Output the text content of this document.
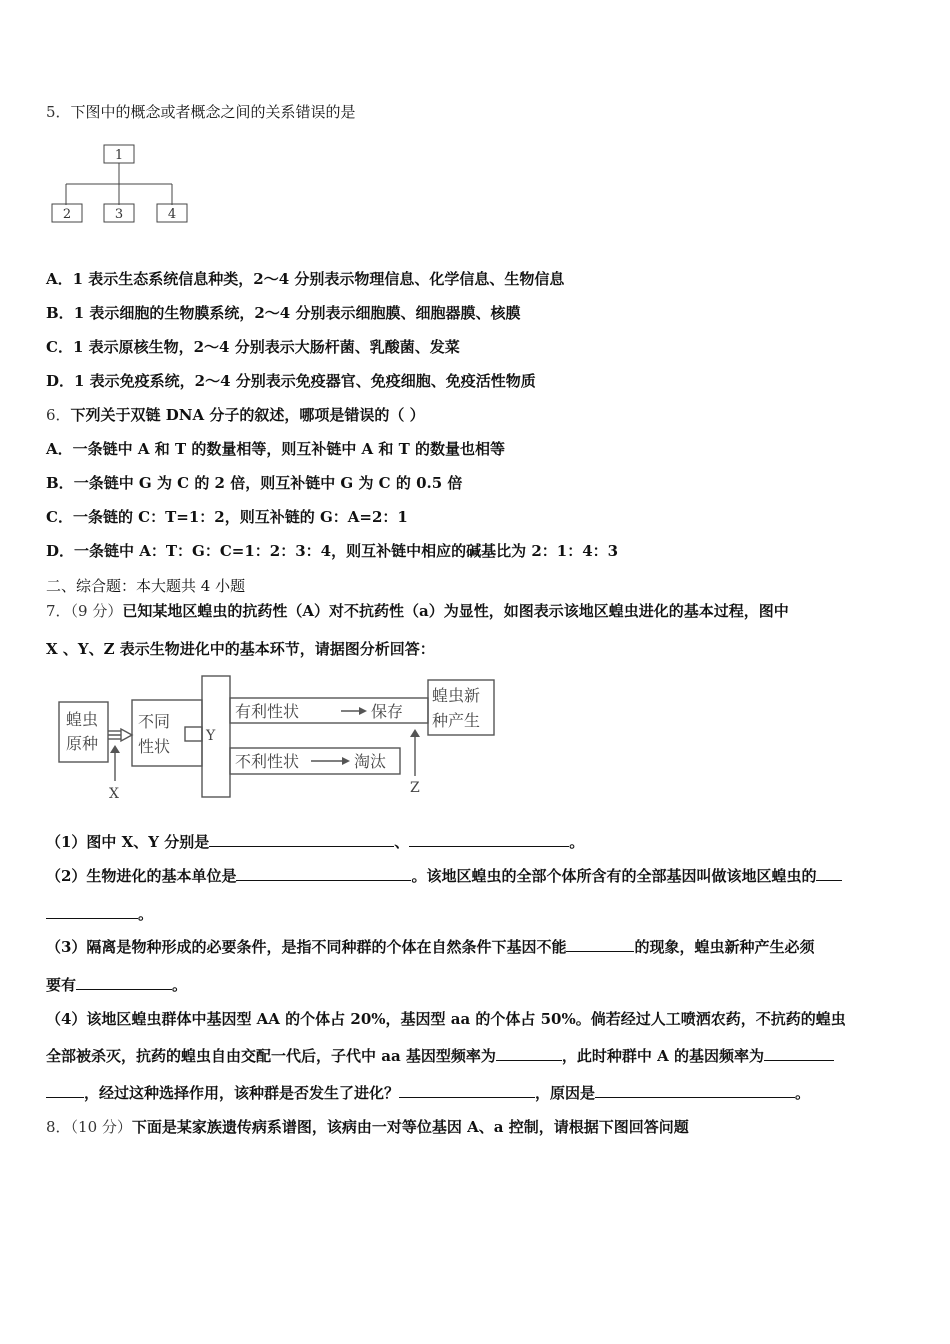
5．下图中的概念或者概念之间的关系错误的是
1
2	3	4
A．1 表示生态系统信息种类，2～4 分别表示物理信息、化学信息、生物信息
B．1 表示细胞的生物膜系统，2～4 分别表示细胞膜、细胞器膜、核膜
C．1 表示原核生物，2～4 分别表示大肠杆菌、乳酸菌、发菜
D．1 表示免疫系统，2～4 分别表示免疫器官、免疫细胞、免疫活性物质
6．下列关于双链 DNA 分子的叙述，哪项是错误的（ ）
A．一条链中 A 和 T 的数量相等，则互补链中 A 和 T 的数量也相等
B．一条链中 G 为 C 的 2 倍，则互补链中 G 为 C 的 0.5 倍
C．一条链的 C：T=1：2，则互补链的 G：A=2：1
D．一条链中 A：T：G：C=1：2：3：4，则互补链中相应的碱基比为 2：1：4：3
二、综合题：本大题共 4 小题
7．（9 分）已知某地区蝗虫的抗药性（A）对不抗药性（a）为显性，如图表示该地区蝗虫进化的基本过程，图中
X 、Y、Z 表示生物进化中的基本环节，请据图分析回答：
蝗虫
原种
不同
性状
Y
有利性状	保存
不利性状	淘汰
蝗虫新
种产生
X	Z
（1）图中 X、Y 分别是	、	。
（2）生物进化的基本单位是	。该地区蝗虫的全部个体所含有的全部基因叫做该地区蝗虫的
。
（3）隔离是物种形成的必要条件，是指不同种群的个体在自然条件下基因不能	的现象，蝗虫新种产生必须
要有	。
（4）该地区蝗虫群体中基因型 AA 的个体占 20%，基因型 aa 的个体占 50%。倘若经过人工喷洒农药，不抗药的蝗虫
全部被杀灭，抗药的蝗虫自由交配一代后，子代中 aa 基因型频率为	，此时种群中 A 的基因频率为
，经过这种选择作用，该种群是否发生了进化？	，原因是	。
8．（10 分）下面是某家族遗传病系谱图，该病由一对等位基因 A、a 控制，请根据下图回答问题
